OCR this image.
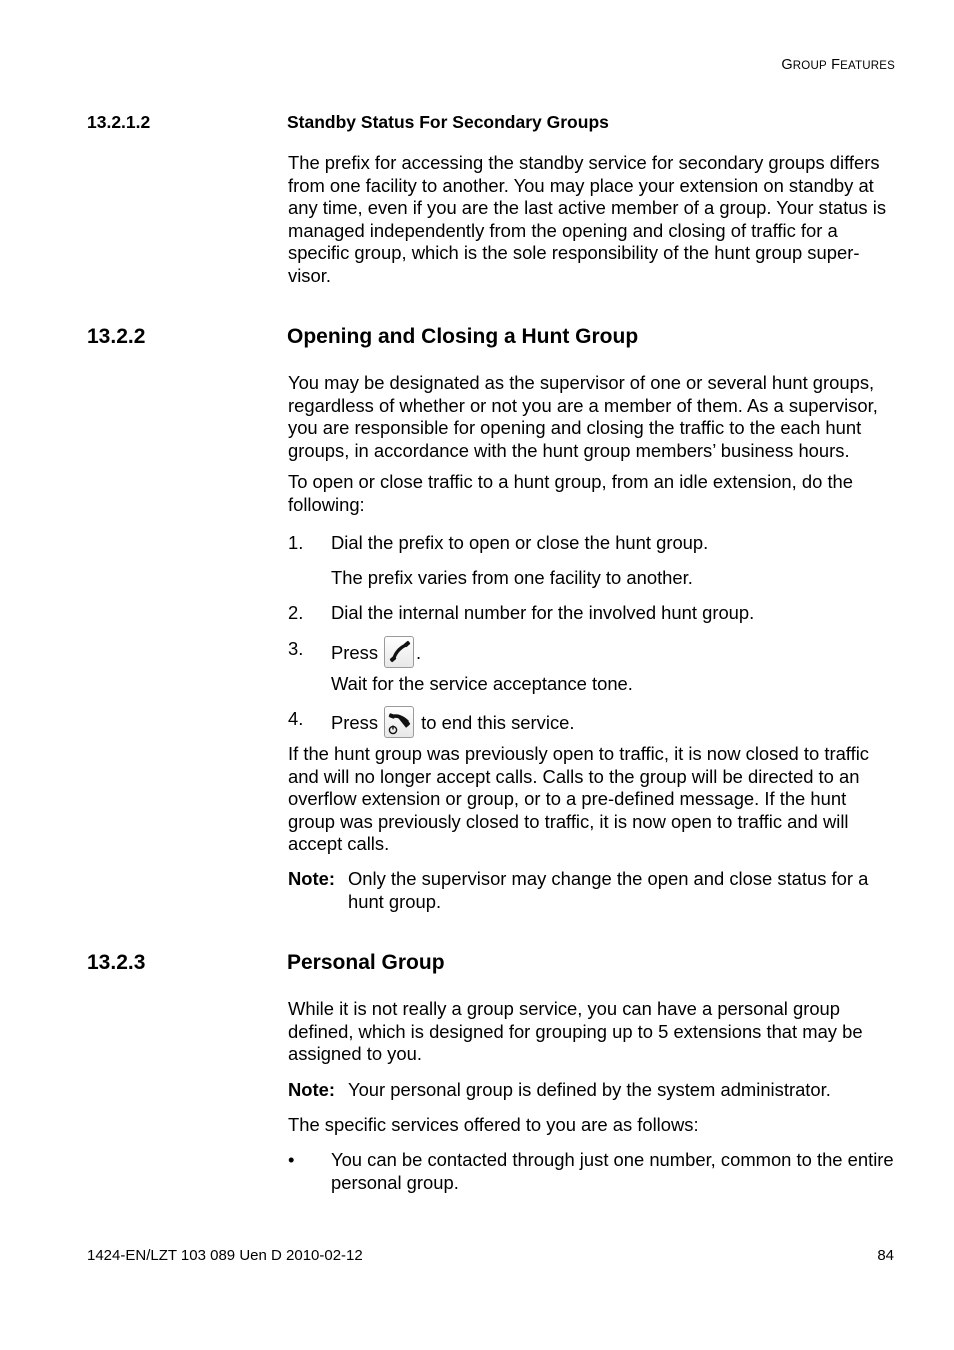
GROUP FEATURES
13.2.1.2	Standby Status For Secondary Groups

The prefix for accessing the standby service for secondary groups differs from one facility to another. You may place your extension on standby at any time, even if you are the last active member of a group. Your status is managed independently from the opening and closing of traffic for a specific group, which is the sole responsibility of the hunt group super- visor.

13.2.2	Opening and Closing a Hunt Group

You may be designated as the supervisor of one or several hunt groups, regardless of whether or not you are a member of them. As a supervisor, you are responsible for opening and closing the traffic to the each hunt groups, in accordance with the hunt group members’ business hours.

To open or close traffic to a hunt group, from an idle extension, do the following:

1. Dial the prefix to open or close the hunt group.
The prefix varies from one facility to another.
2. Dial the internal number for the involved hunt group.
3. Press .
Wait for the service acceptance tone.
4. Press to end this service.

If the hunt group was previously open to traffic, it is now closed to traffic and will no longer accept calls. Calls to the group will be directed to an overflow extension or group, or to a pre-defined message. If the hunt group was previously closed to traffic, it is now open to traffic and will accept calls.

Note: Only the supervisor may change the open and close status for a hunt group.
13.2.3	Personal Group

While it is not really a group service, you can have a personal group defined, which is designed for grouping up to 5 extensions that may be assigned to you.

Note: Your personal group is defined by the system administrator.

The specific services offered to you are as follows:

• You can be contacted through just one number, common to the entire personal group.
1424-EN/LZT 103 089 Uen D 2010-02-12	84
